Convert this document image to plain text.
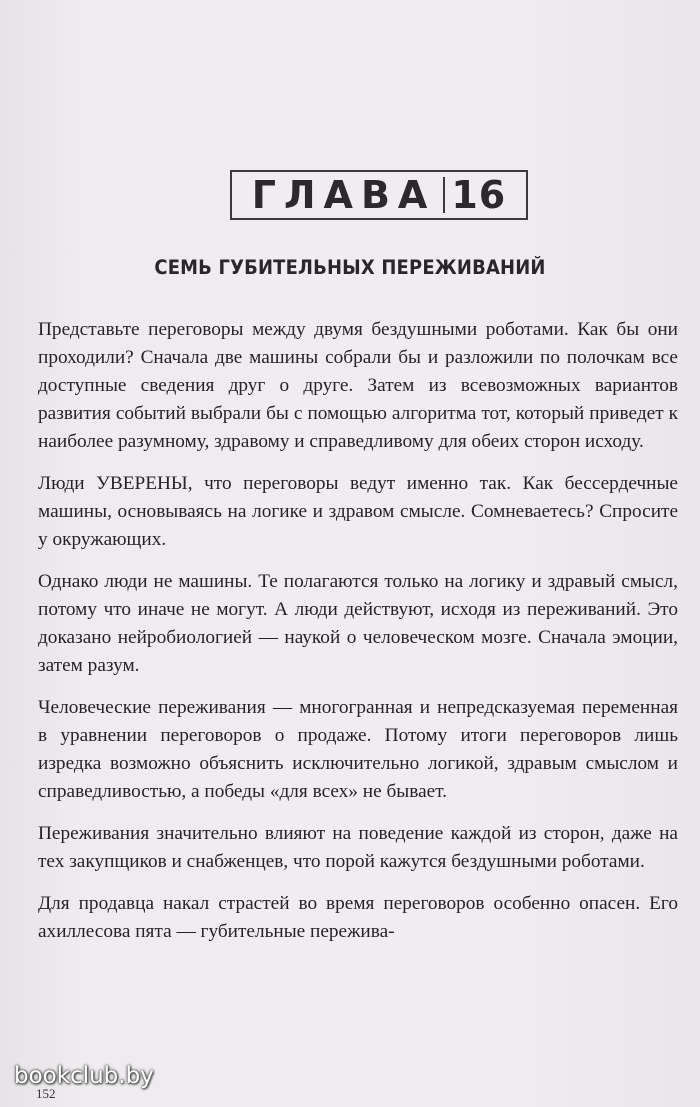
ГЛАВА 16
СЕМЬ ГУБИТЕЛЬНЫХ ПЕРЕЖИВАНИЙ

Представьте переговоры между двумя бездушными роботами. Как бы они проходили? Сначала две машины собрали бы и разложили по полочкам все доступные сведения друг о друге. Затем из всевозможных вариантов развития событий выбрали бы с помощью алгоритма тот, который приведет к наиболее разумному, здравому и справедливому для обеих сторон исходу.

Люди УВЕРЕНЫ, что переговоры ведут именно так. Как бессердечные машины, основываясь на логике и здравом смысле. Сомневаетесь? Спросите у окружающих.

Однако люди не машины. Те полагаются только на логику и здравый смысл, потому что иначе не могут. А люди действуют, исходя из переживаний. Это доказано нейробиологией — наукой о человеческом мозге. Сначала эмоции, затем разум.

Человеческие переживания — многогранная и непредсказуемая переменная в уравнении переговоров о продаже. Потому итоги переговоров лишь изредка возможно объяснить исключительно логикой, здравым смыслом и справедливостью, а победы «для всех» не бывает.

Переживания значительно влияют на поведение каждой из сторон, даже на тех закупщиков и снабженцев, что порой кажутся бездушными роботами.

Для продавца накал страстей во время переговоров особенно опасен. Его ахиллесова пята — губительные пережива-

bookclub.by
152
